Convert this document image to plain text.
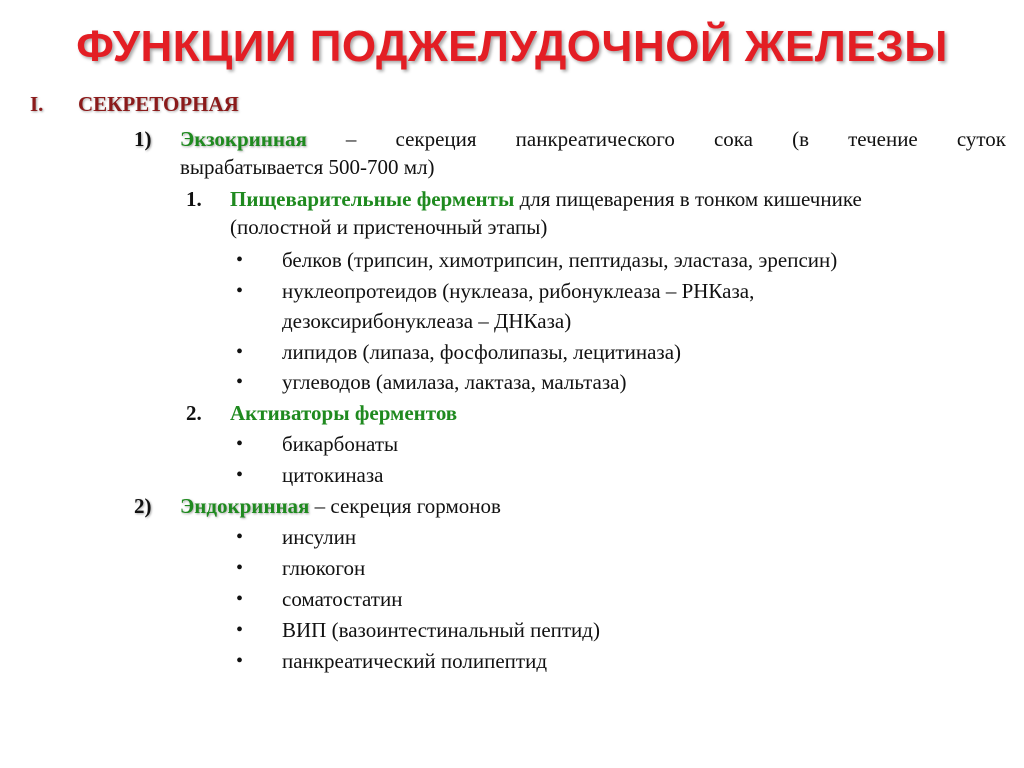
ФУНКЦИИ ПОДЖЕЛУДОЧНОЙ ЖЕЛЕЗЫ
I. СЕКРЕТОРНАЯ
1) Экзокринная – секреция панкреатического сока (в течение суток
вырабатывается 500-700 мл)
1. Пищеварительные ферменты для пищеварения в тонком кишечнике
(полостной и пристеночный этапы)
• белков (трипсин, химотрипсин, пептидазы, эластаза, эрепсин)
• нуклеопротеидов (нуклеаза, рибонуклеаза – РНКаза,
дезоксирибонуклеаза – ДНКаза)
• липидов (липаза, фосфолипазы, лецитиназа)
• углеводов (амилаза, лактаза, мальтаза)
2. Активаторы ферментов
• бикарбонаты
• цитокиназа
2) Эндокринная – секреция гормонов
• инсулин
• глюкогон
• соматостатин
• ВИП (вазоинтестинальный пептид)
• панкреатический полипептид
